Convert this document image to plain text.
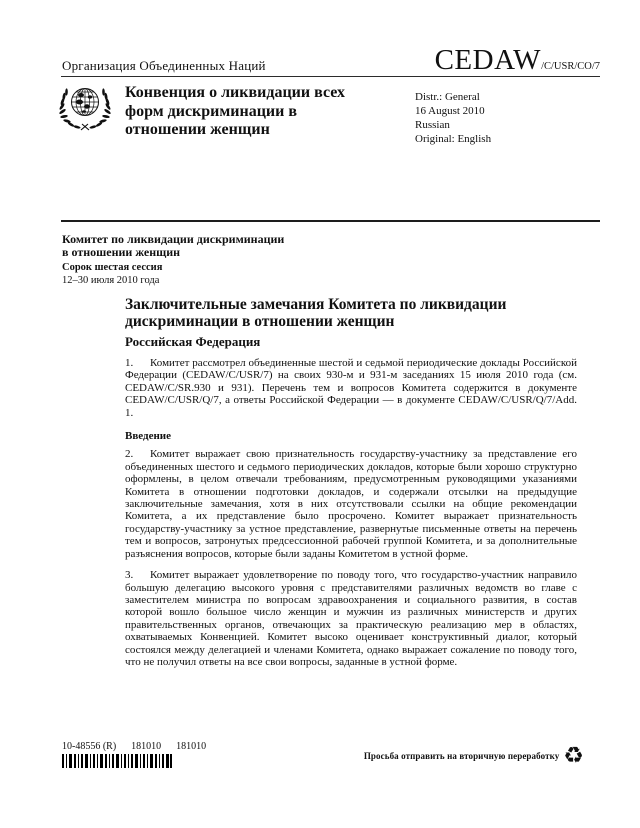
Организация Объединенных Наций	CEDAW /C/USR/CO/7
Конвенция о ликвидации всех форм дискриминации в отношении женщин
Distr.: General
16 August 2010
Russian
Original: English
Комитет по ликвидации дискриминации
в отношении женщин
Сорок шестая сессия
12–30 июля 2010 года
Заключительные замечания Комитета по ликвидации дискриминации в отношении женщин
Российская Федерация

1. Комитет рассмотрел объединенные шестой и седьмой периодические доклады Российской Федерации (CEDAW/C/USR/7) на своих 930-м и 931-м заседаниях 15 июля 2010 года (см. CEDAW/C/SR.930 и 931). Перечень тем и вопросов Комитета содержится в документе CEDAW/C/USR/Q/7, а ответы Российской Федерации — в документе CEDAW/C/USR/Q/7/Add. 1.

Введение

2. Комитет выражает свою признательность государству-участнику за представление его объединенных шестого и седьмого периодических докладов, которые были хорошо структурно оформлены, в целом отвечали требованиям, предусмотренным руководящими указаниями Комитета в отношении подготовки докладов, и содержали отсылки на предыдущие заключительные замечания, хотя в них отсутствовали ссылки на общие рекомендации Комитета, а их представление было просрочено. Комитет выражает признательность государству-участнику за устное представление, развернутые письменные ответы на перечень тем и вопросов, затронутых предсессионной рабочей группой Комитета, и за дополнительные разъяснения вопросов, которые были заданы Комитетом в устной форме.

3. Комитет выражает удовлетворение по поводу того, что государство-участник направило большую делегацию высокого уровня с представителями различных ведомств во главе с заместителем министра по вопросам здравоохранения и социального развития, в состав которой вошло большое число женщин и мужчин из различных министерств и других правительственных органов, отвечающих за практическую реализацию мер в областях, охватываемых Конвенцией. Комитет высоко оценивает конструктивный диалог, который состоялся между делегацией и членами Комитета, однако выражает сожаление по поводу того, что не получил ответы на все свои вопросы, заданные в устной форме.

10-48556 (R) 181010 181010
Просьба отправить на вторичную переработку ♻
